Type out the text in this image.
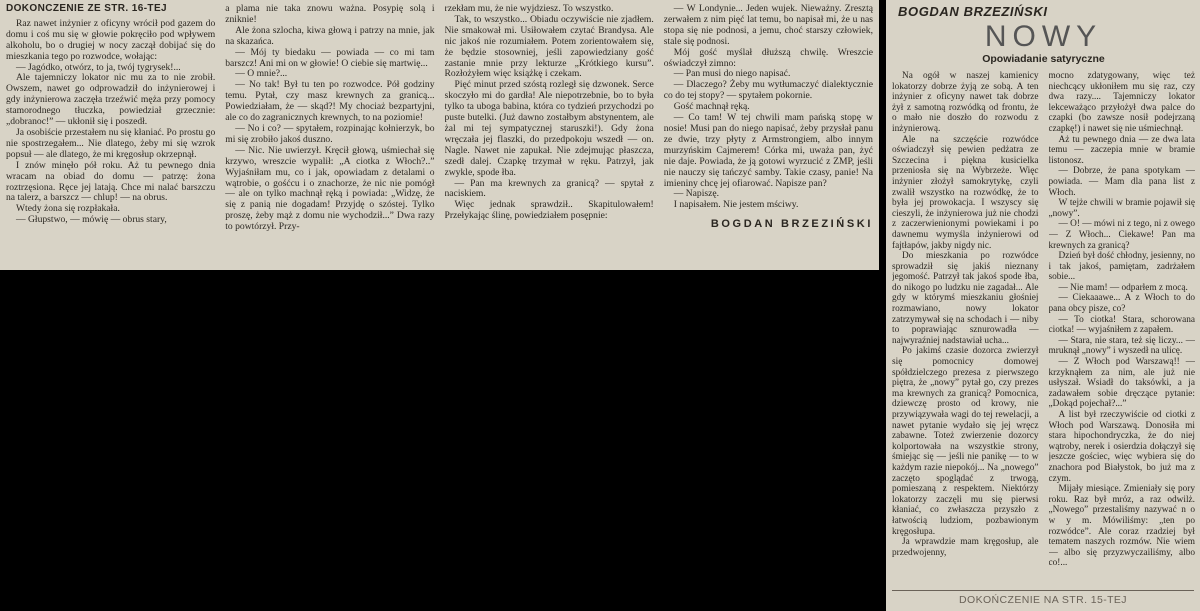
DOKOŃCZENIE ZE STR. 16-TEJ

Raz nawet inżynier z oficyny wrócił pod gazem do domu i coś mu się w głowie pokręciło pod wpływem alkoholu, bo o drugiej w nocy zaczął dobijać się do mieszkania tego po rozwodce, wołając:

— Jagódko, otwórz, to ja, twój tygrysek!...

Ale tajemniczy lokator nic mu za to nie zrobił. Owszem, nawet go odprowadził do inżynierowej i gdy inżynierowa zaczęła trzeźwić męża przy pomocy stamorodnego tłuczka, powiedział grzecznie: „dobranoc!” — ukłonił się i poszedł.

Ja osobiście przestałem nu się kłaniać. Po prostu go nie spostrzegałem... Nie dlatego, żeby mi się wzrok popsuł — ale dlatego, że mi kręgosłup okrzepnął.

I znów minęło pół roku. Aż tu pewnego dnia wracam na obiad do domu — patrzę: żona roztrzęsiona. Ręce jej latają. Chce mi nalać barszczu na talerz, a barszcz — chlup! — na obrus.

Wtedy żona się rozpłakała.

— Głupstwo, — mówię — obrus stary,

a plama nie taka znowu ważna. Posypię solą i zniknie!

Ale żona szlocha, kiwa głową i patrzy na mnie, jak na skazańca.

— Mój ty biedaku — powiada — co mi tam barszcz! Ani mi on w głowie! O ciebie się martwię...

— O mnie?...

— No tak! Był tu ten po rozwodce. Pół godziny temu. Pytał, czy masz krewnych za granicą... Powiedziałam, że — skąd?! My chociaż bezpartyjni, ale co do zagranicznych krewnych, to na poziomie!

— No i co? — spytałem, rozpinając kołnierzyk, bo mi się zrobiło jakoś duszno.

— Nic. Nie uwierzył. Kręcił głową, uśmiechał się krzywo, wreszcie wypalił: „A ciotka z Włoch?..” Wyjaśniłam mu, co i jak, opowiadam z detalami o wątrobie, o gośćcu i o znachorze, że nic nie pomógł — ale on tylko machnął ręką i powiada: „Widzę, że się z panią nie dogadam! Przyjdę o szóstej. Tylko proszę, żeby mąż z domu nie wychodził...” Dwa razy to powtórzył. Przy-

rzekłam mu, że nie wyjdziesz. To wszystko.

Tak, to wszystko... Obiadu oczywiście nie zjadłem. Nie smakował mi. Usiłowałem czytać Brandysa. Ale nic jakoś nie rozumiałem. Potem zorientowałem się, że będzie stosowniej, jeśli zapowiedziany gość zastanie mnie przy lekturze „Krótkiego kursu”. Rozłożyłem więc książkę i czekam.

Pięć minut przed szóstą rozległ się dzwonek. Serce skoczyło mi do gardła! Ale niepotrzebnie, bo to była tylko ta uboga babina, która co tydzień przychodzi po puste butelki. (Już dawno zostałbym abstynentem, ale żal mi tej sympatycznej staruszki!). Gdy żona wręczała jej flaszki, do przedpokoju wszedł — on. Nagle. Nawet nie zapukał. Nie zdejmując płaszcza, szedł dalej. Czapkę trzymał w ręku. Patrzył, jak zwykle, spode łba.

— Pan ma krewnych za granicą? — spytał z naciskiem.

Więc jednak sprawdził.. Skapitulowałem! Przełykając ślinę, powiedziałem posępnie:

— W Londynie... Jeden wujek. Nieważny. Zresztą zerwałem z nim pięć lat temu, bo napisał mi, że u nas stopa się nie podnosi, a jemu, choć starszy człowiek, stale się podnosi.

Mój gość myślał dłuższą chwilę. Wreszcie oświadczył zimno:

— Pan musi do niego napisać.

— Dlaczego? Żeby mu wytłumaczyć dialektycznie co do tej stopy? — spytałem pokornie.

Gość machnął ręką.

— Co tam! W tej chwili mam pańską stopę w nosie! Musi pan do niego napisać, żeby przysłał panu ze dwie, trzy płyty z Armstrongiem, albo innym murzyńskim Cajmerem! Córka mi, uważa pan, żyć nie daje. Powiada, że ją gotowi wyrzucić z ZMP, jeśli nie nauczy się tańczyć samby. Takie czasy, panie! Na imieniny chcę jej ofiarować. Napisze pan?

— Napiszę.

I napisałem. Nie jestem mściwy.

BOGDAN BRZEZIŃSKI
BOGDAN BRZEZIŃSKI
NOWY
Opowiadanie satyryczne

Na ogół w naszej kamienicy lokatorzy dobrze żyją ze sobą. A ten inżynier z oficyny nawet tak dobrze żył z samotną rozwódką od frontu, że o mało nie doszło do rozwodu z inżynierową.

Ale na szczęście rozwódce oświadczył się pewien pedżatra ze Szczecina i piękna kusicielka przeniosła się na Wybrzeże. Więc inżynier złożył samokrytykę, czyli zwalił wszystko na rozwódkę, że to była jej prowokacja. I wszyscy się cieszyli, że inżynierowa już nie chodzi z zaczerwienionymi powiekami i po dawnemu wymyśla inżynierowi od fajtłapów, jakby nigdy nic.

Do mieszkania po rozwódce sprowadził się jakiś nieznany jegomość. Patrzył tak jakoś spode łba, do nikogo po ludzku nie zagadał... Ale gdy w którymś mieszkaniu głośniej rozmawiano, nowy lokator zatrzymywał się na schodach i — niby to poprawiając sznurowadła — najwyraźniej nadstawiał ucha...

Po jakimś czasie dozorca zwierzył się pomocnicy domowej spółdzielczego prezesa z pierwszego piętra, że „nowy” pytał go, czy prezes ma krewnych za granicą? Pomocnica, dziewczę prosto od krowy, nie przywiązywała wagi do tej rewelacji, a nawet pytanie wydało się jej wręcz zabawne. Toteż zwierzenie dozorcy kolportowała na wszystkie strony, śmiejąc się — jeśli nie panikę — to w każdym razie niepokój... Na „nowego” zaczęto spoglądać z trwogą, pomieszaną z respektem. Niektórzy lokatorzy zaczęli mu się pierwsi kłaniać, co zwłaszcza przyszło z łatwością ludziom, pozbawionym kręgosłupa.

Ja wprawdzie mam kręgosłup, ale przedwojenny,

mocno zdatygowany, więc też niechcący ukłoniłem mu się raz, czy dwa razy.... Tajemniczy lokator lekceważąco przyłożył dwa palce do czapki (bo zawsze nosił podejrzaną czapkę!) i nawet się nie uśmiechnął.

Aż tu pewnego dnia — ze dwa lata temu — zaczepia mnie w bramie listonosz.

— Dobrze, że pana spotykam — powiada. — Mam dla pana list z Włoch.

W tejże chwili w bramie pojawił się „nowy”.

— O! — mówi ni z tego, ni z owego — Z Włoch... Ciekawe! Pan ma krewnych za granicą?

Dzień był dość chłodny, jesienny, no i tak jakoś, pamiętam, zadrżałem sobie...

— Nie mam! — odparłem z mocą.

— Ciekaaawe... A z Włoch to do pana obcy pisze, co?

— To ciotka! Stara, schorowana ciotka! — wyjaśniłem z zapałem.

— Stara, nie stara, też się liczy... — mruknął „nowy” i wyszedł na ulicę.

— Z Włoch pod Warszawą!! — krzyknąłem za nim, ale już nie usłyszał. Wsiadł do taksówki, a ja zadawałem sobie dręczące pytanie: „Dokąd pojechał?...”

A list był rzeczywiście od ciotki z Włoch pod Warszawą. Donosiła mi stara hipochondryczka, że do niej wątroby, nerek i osierdzia dołączył się jeszcze gościec, więc wybiera się do znachora pod Białystok, bo już ma z czym.

Mijały miesiące. Zmieniały się pory roku. Raz był mróz, a raz odwilż. „Nowego” przestaliśmy nazywać n o w y m. Mówiliśmy: „ten po rozwódce”. Ale coraz rzadziej był tematem naszych rozmów. Nie wiem — albo się przyzwyczailiśmy, albo co!...

DOKOŃCZENIE NA STR. 15-TEJ
